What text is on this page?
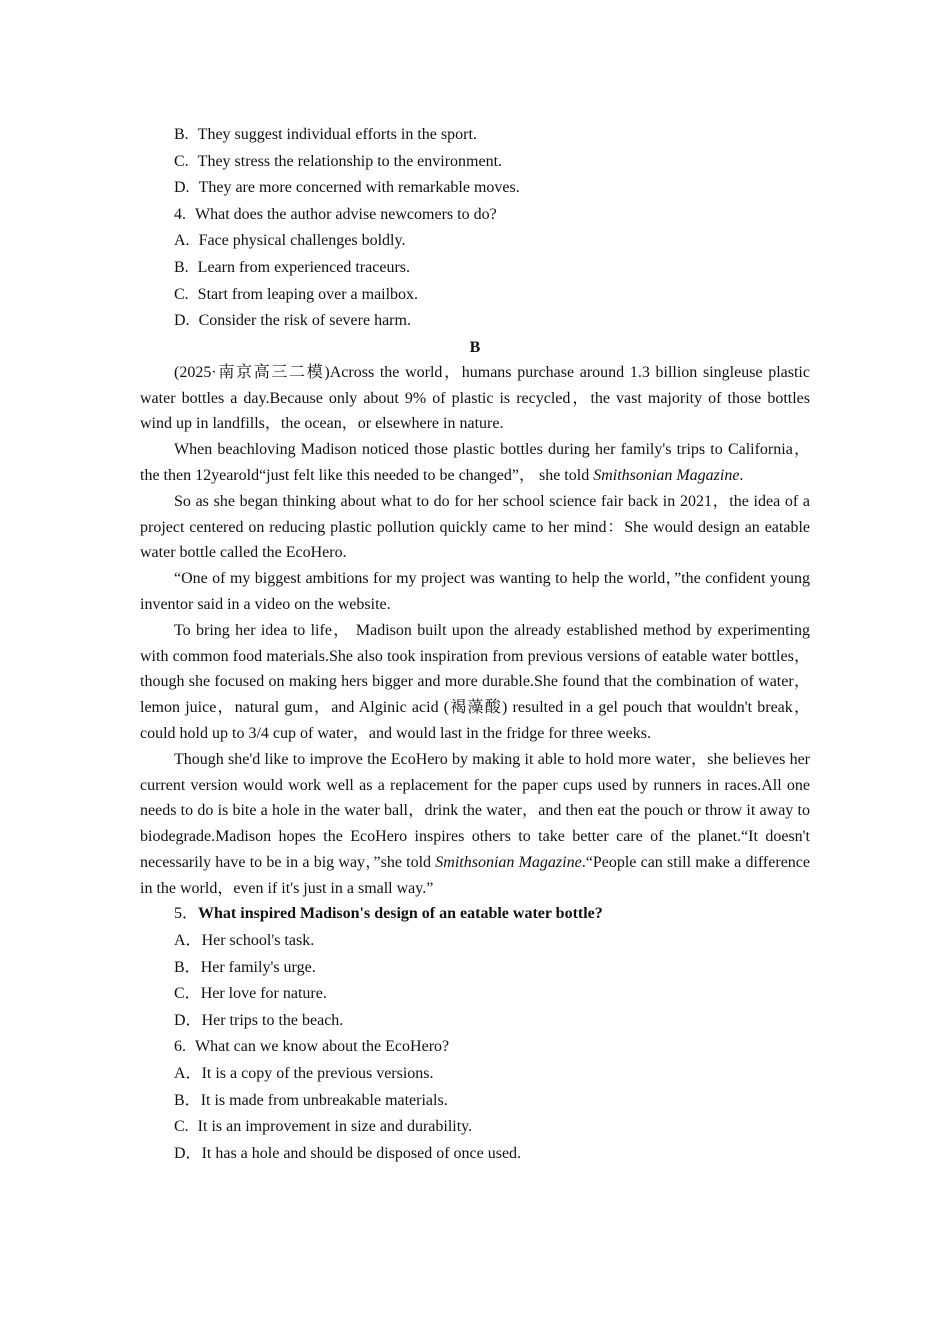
B. They suggest individual efforts in the sport.

C. They stress the relationship to the environment.

D. They are more concerned with remarkable moves.

4. What does the author advise newcomers to do?

A. Face physical challenges boldly.

B. Learn from experienced traceurs.

C. Start from leaping over a mailbox.

D. Consider the risk of severe harm.

B

(2025·南京高三二模)Across the world，humans purchase around 1.3 billion singleuse plastic water bottles a day.Because only about 9% of plastic is recycled，the vast majority of those bottles wind up in landfills，the ocean，or elsewhere in nature.

When beachloving Madison noticed those plastic bottles during her family's trips to California， the then 12yearold“just felt like this needed to be changed”， she told Smithsonian Magazine.

So as she began thinking about what to do for her school science fair back in 2021，the idea of a project centered on reducing plastic pollution quickly came to her mind：She would design an eatable water bottle called the EcoHero.

“One of my biggest ambitions for my project was wanting to help the world，”the confident young inventor said in a video on the website.

To bring her idea to life， Madison built upon the already established method by experimenting with common food materials.She also took inspiration from previous versions of eatable water bottles，though she focused on making hers bigger and more durable.She found that the combination of water，lemon juice，natural gum，and Alginic acid (褐藻酸) resulted in a gel pouch that wouldn't break，could hold up to 3/4 cup of water，and would last in the fridge for three weeks.

Though she'd like to improve the EcoHero by making it able to hold more water，she believes her current version would work well as a replacement for the paper cups used by runners in races.All one needs to do is bite a hole in the water ball，drink the water，and then eat the pouch or throw it away to biodegrade.Madison hopes the EcoHero inspires others to take better care of the planet.“It doesn't necessarily have to be in a big way，”she told Smithsonian Magazine.“People can still make a difference in the world，even if it's just in a small way.”

5．What inspired Madison's design of an eatable water bottle?

A．Her school's task.

B．Her family's urge.

C．Her love for nature.

D．Her trips to the beach.

6. What can we know about the EcoHero?

A．It is a copy of the previous versions.

B．It is made from unbreakable materials.

C. It is an improvement in size and durability.

D．It has a hole and should be disposed of once used.
